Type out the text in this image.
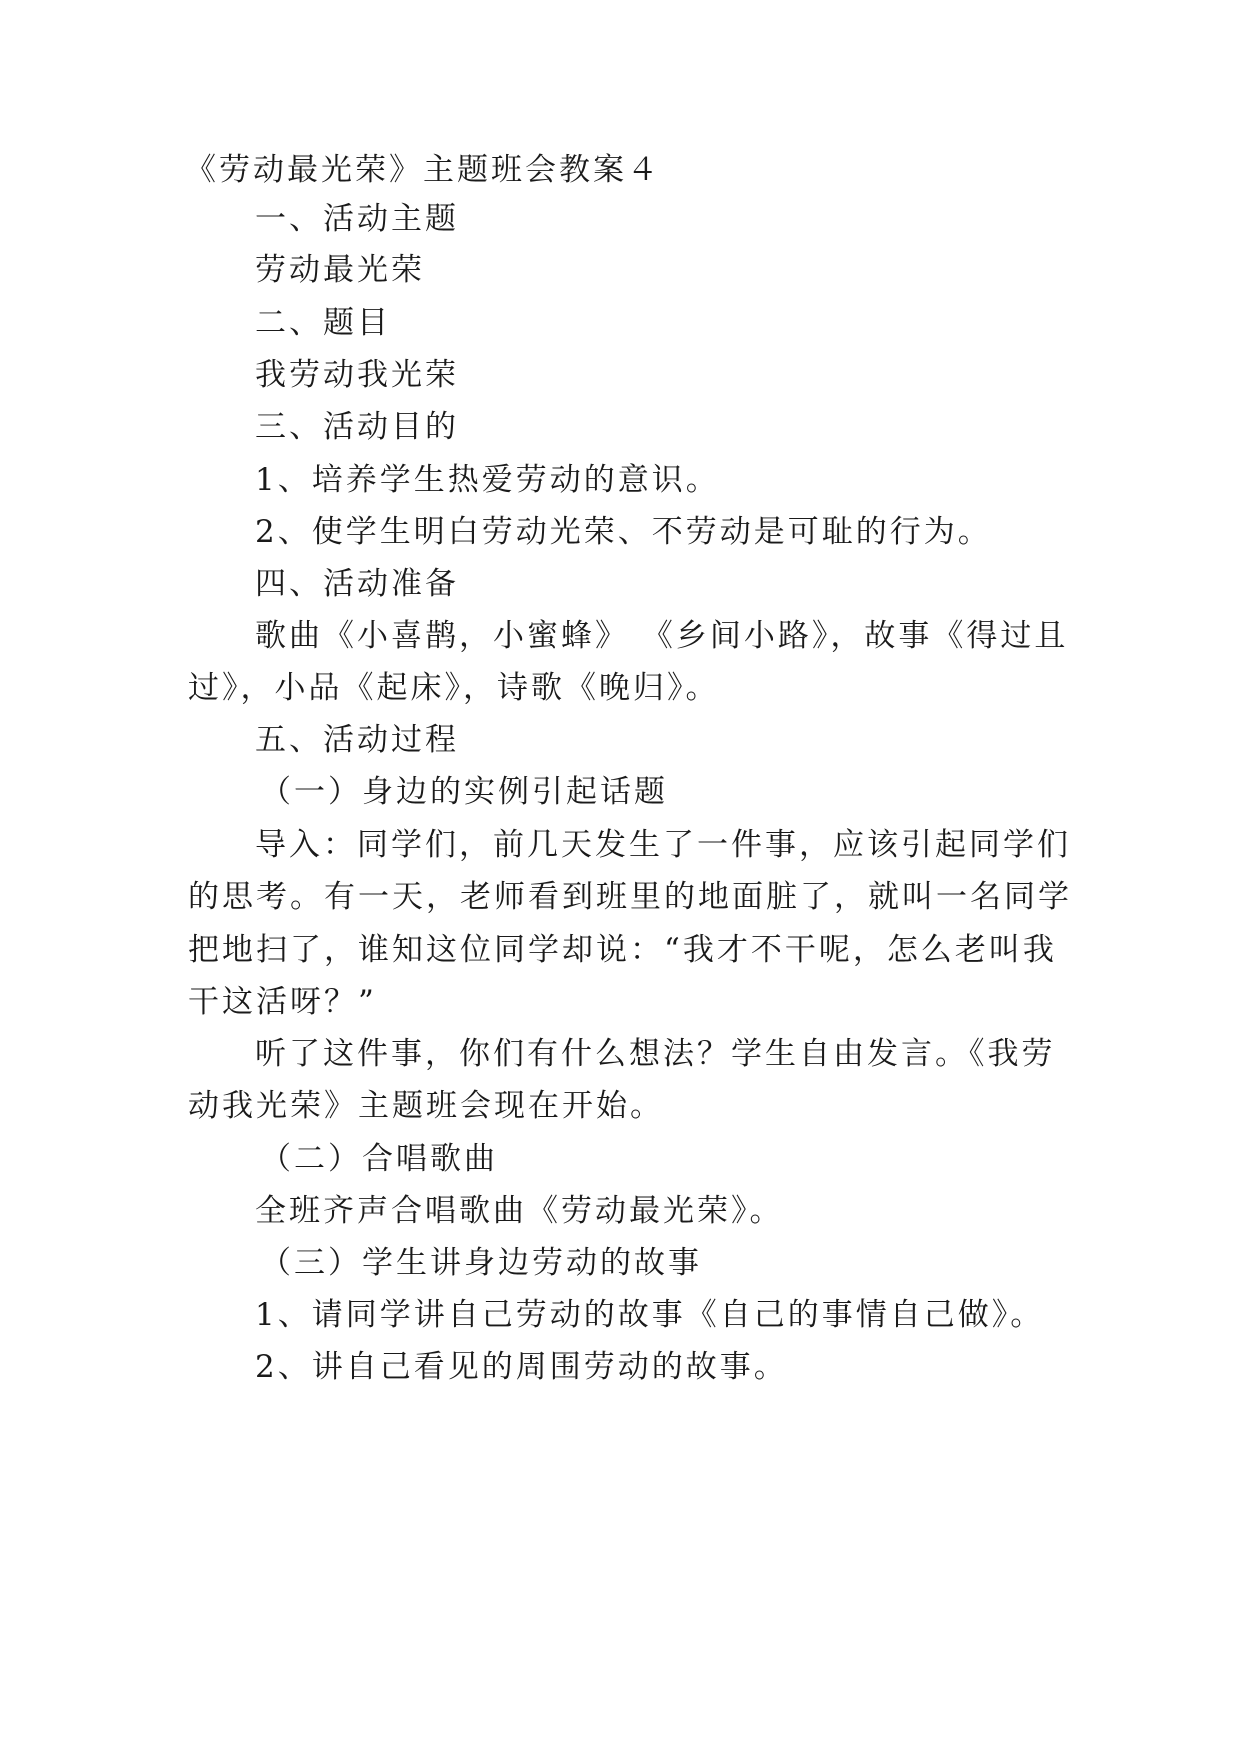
《劳动最光荣》主题班会教案４

一、活动主题

劳动最光荣

二、题目

我劳动我光荣

三、活动目的

1、培养学生热爱劳动的意识。

2、使学生明白劳动光荣、不劳动是可耻的行为。

四、活动准备

歌曲《小喜鹊，小蜜蜂》 《乡间小路》，故事《得过且

过》，小品《起床》，诗歌《晚归》。

五、活动过程

（一）身边的实例引起话题

导入：同学们，前几天发生了一件事，应该引起同学们

的思考。有一天，老师看到班里的地面脏了，就叫一名同学

把地扫了，谁知这位同学却说：“我才不干呢，怎么老叫我

干这活呀？”

听了这件事，你们有什么想法？学生自由发言。《我劳

动我光荣》主题班会现在开始。

（二）合唱歌曲

全班齐声合唱歌曲《劳动最光荣》。

（三）学生讲身边劳动的故事

1、请同学讲自己劳动的故事《自己的事情自己做》。

2、讲自己看见的周围劳动的故事。
